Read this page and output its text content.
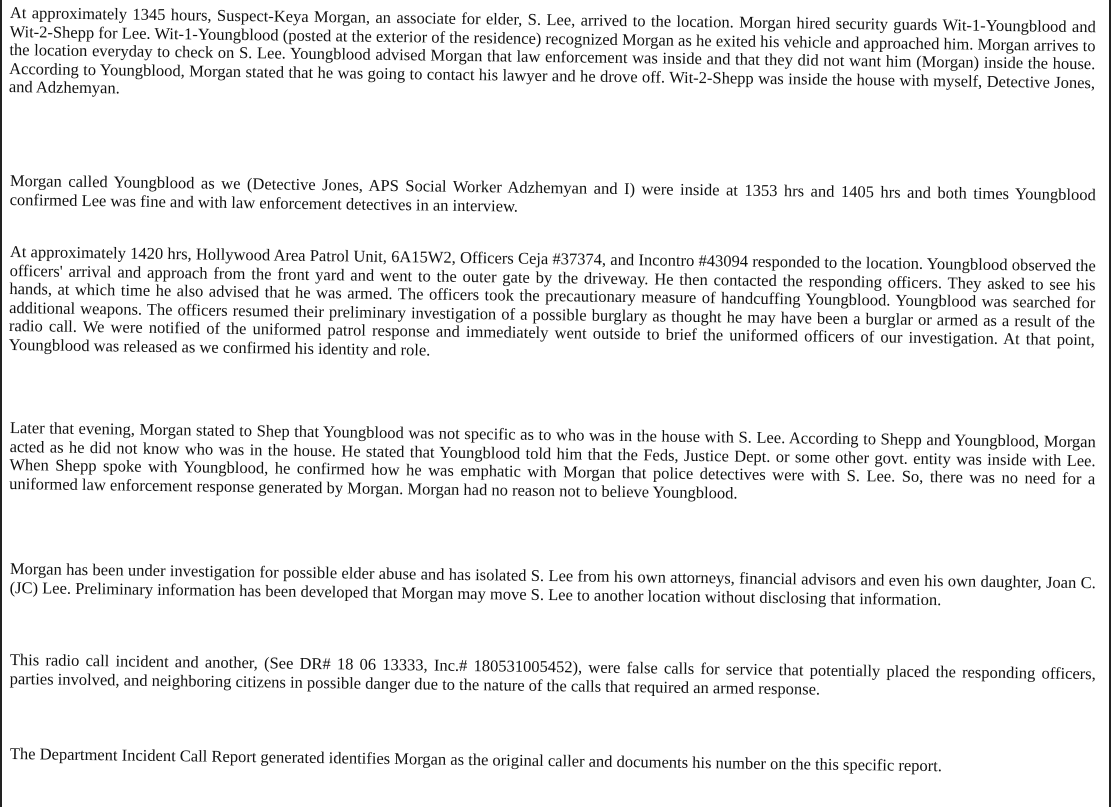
At approximately 1345 hours, Suspect-Keya Morgan, an associate for elder, S. Lee, arrived to the location. Morgan hired security guards Wit-1-Youngblood and Wit-2-Shepp for Lee. Wit-1-Youngblood (posted at the exterior of the residence) recognized Morgan as he exited his vehicle and approached him. Morgan arrives to the location everyday to check on S. Lee. Youngblood advised Morgan that law enforcement was inside and that they did not want him (Morgan) inside the house. According to Youngblood, Morgan stated that he was going to contact his lawyer and he drove off. Wit-2-Shepp was inside the house with myself, Detective Jones, and Adzhemyan.

Morgan called Youngblood as we (Detective Jones, APS Social Worker Adzhemyan and I) were inside at 1353 hrs and 1405 hrs and both times Youngblood confirmed Lee was fine and with law enforcement detectives in an interview.

At approximately 1420 hrs, Hollywood Area Patrol Unit, 6A15W2, Officers Ceja #37374, and Incontro #43094 responded to the location. Youngblood observed the officers' arrival and approach from the front yard and went to the outer gate by the driveway. He then contacted the responding officers. They asked to see his hands, at which time he also advised that he was armed. The officers took the precautionary measure of handcuffing Youngblood. Youngblood was searched for additional weapons. The officers resumed their preliminary investigation of a possible burglary as thought he may have been a burglar or armed as a result of the radio call. We were notified of the uniformed patrol response and immediately went outside to brief the uniformed officers of our investigation. At that point, Youngblood was released as we confirmed his identity and role.

Later that evening, Morgan stated to Shep that Youngblood was not specific as to who was in the house with S. Lee. According to Shepp and Youngblood, Morgan acted as he did not know who was in the house. He stated that Youngblood told him that the Feds, Justice Dept. or some other govt. entity was inside with Lee. When Shepp spoke with Youngblood, he confirmed how he was emphatic with Morgan that police detectives were with S. Lee. So, there was no need for a uniformed law enforcement response generated by Morgan. Morgan had no reason not to believe Youngblood.

Morgan has been under investigation for possible elder abuse and has isolated S. Lee from his own attorneys, financial advisors and even his own daughter, Joan C. (JC) Lee. Preliminary information has been developed that Morgan may move S. Lee to another location without disclosing that information.

This radio call incident and another, (See DR# 18 06 13333, Inc.# 180531005452), were false calls for service that potentially placed the responding officers, parties involved, and neighboring citizens in possible danger due to the nature of the calls that required an armed response.

The Department Incident Call Report generated identifies Morgan as the original caller and documents his number on the this specific report.
